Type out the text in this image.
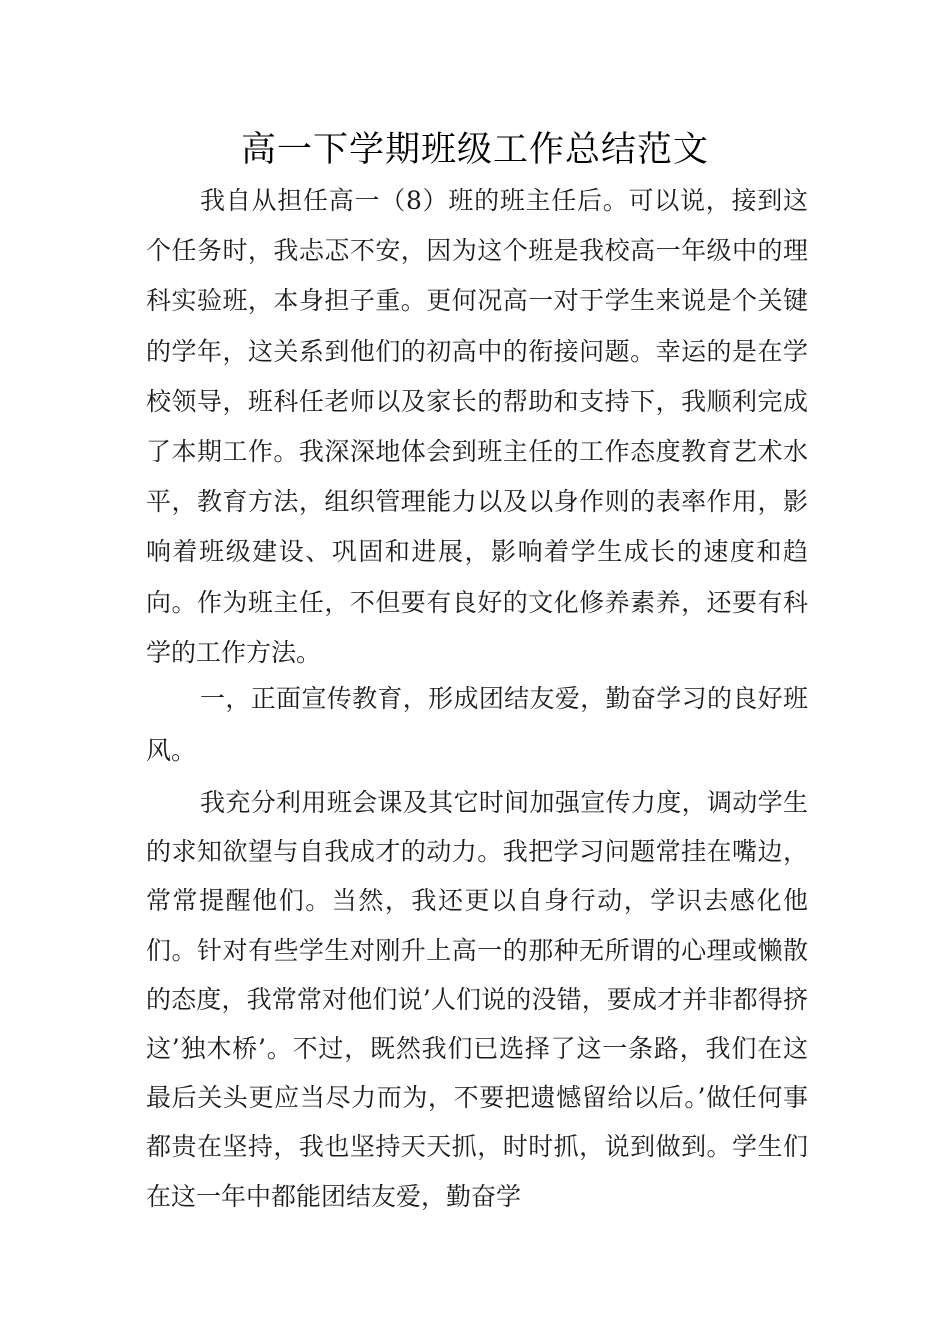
高一下学期班级工作总结范文

我自从担任高一（8）班的班主任后。可以说，接到这个任务时，我忐忑不安，因为这个班是我校高一年级中的理科实验班，本身担子重。更何况高一对于学生来说是个关键的学年，这关系到他们的初高中的衔接问题。幸运的是在学校领导，班科任老师以及家长的帮助和支持下，我顺利完成了本期工作。我深深地体会到班主任的工作态度教育艺术水平，教育方法，组织管理能力以及以身作则的表率作用，影响着班级建设、巩固和进展，影响着学生成长的速度和趋向。作为班主任，不但要有良好的文化修养素养，还要有科学的工作方法。

一，正面宣传教育，形成团结友爱，勤奋学习的良好班风。

我充分利用班会课及其它时间加强宣传力度，调动学生的求知欲望与自我成才的动力。我把学习问题常挂在嘴边，常常提醒他们。当然，我还更以自身行动，学识去感化他们。针对有些学生对刚升上高一的那种无所谓的心理或懒散的态度，我常常对他们说’人们说的没错，要成才并非都得挤这’独木桥’。不过，既然我们已选择了这一条路，我们在这最后关头更应当尽力而为，不要把遗憾留给以后。’做任何事都贵在坚持，我也坚持天天抓，时时抓，说到做到。学生们在这一年中都能团结友爱，勤奋学
